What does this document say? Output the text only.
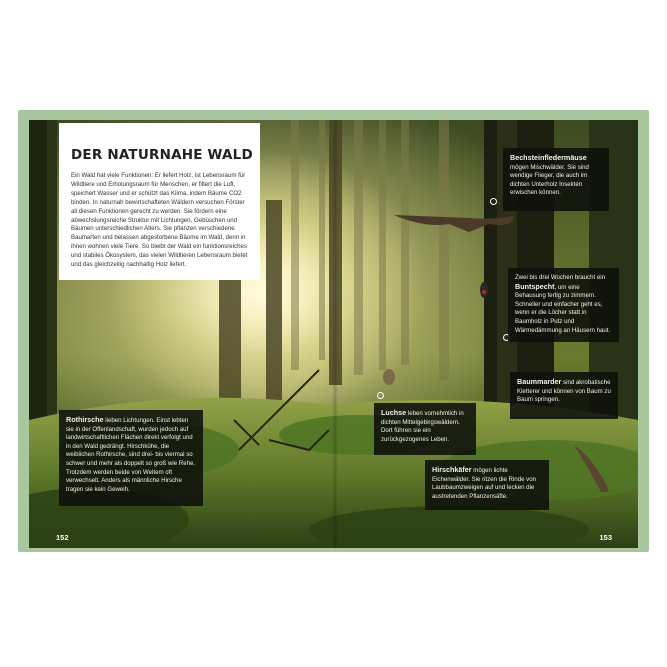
DER NATURNAHE WALD

Ein Wald hat viele Funktionen: Er liefert Holz, ist Lebensraum für Wildtiere und Erholungsraum für Menschen, er filtert die Luft, speichert Wasser und er schützt das Klima, indem Bäume CO2 binden. In naturnah bewirtschafteten Wäldern versuchen Förster all diesen Funktionen gerecht zu werden. Sie fördern eine abwechslungsreiche Struktur mit Lichtungen, Gebüschen und Bäumen unterschiedlichen Alters. Sie pflanzen verschiedene Baumarten und belassen abgestorbene Bäume im Wald, denn in ihnen wohnen viele Tiere. So bleibt der Wald ein funktionsreiches und stabiles Ökosystem, das vielen Wildtieren Lebensraum bietet und das gleichzeitig nachhaltig Holz liefert.

Rothirsche lieben Lichtungen. Einst lebten sie in der Offenlandschaft, wurden jedoch auf landwirtschaftlichen Flächen direkt verfolgt und in den Wald gedrängt. Hirschkühe, die weiblichen Rothirsche, sind drei- bis viermal so schwer und mehr als doppelt so groß wie Rehe. Trotzdem werden beide von Weitem oft verwechselt. Anders als männliche Hirsche tragen sie kein Geweih.
Luchse leben vornehmlich in dichten Mittelgebirgswäldern. Dort führen sie ein zurückgezogenes Leben.
Hirschkäfer mögen lichte Eichenwälder. Sie ritzen die Rinde von Laubbaumzweigen auf und lecken die austretenden Pflanzensäfte.
Bechsteinfledermäuse mögen Mischwälder. Sie sind wendige Flieger, die auch im dichten Unterholz Insekten erwischen können.
Zwei bis drei Wochen braucht ein Buntspecht, um eine Behausung fertig zu zimmern. Schneller und einfacher geht es, wenn er die Löcher statt in Baumholz in Putz und Wärmedämmung an Häusern haut.
Baummarder sind akrobatische Kletterer und können von Baum zu Baum springen.
152	153
